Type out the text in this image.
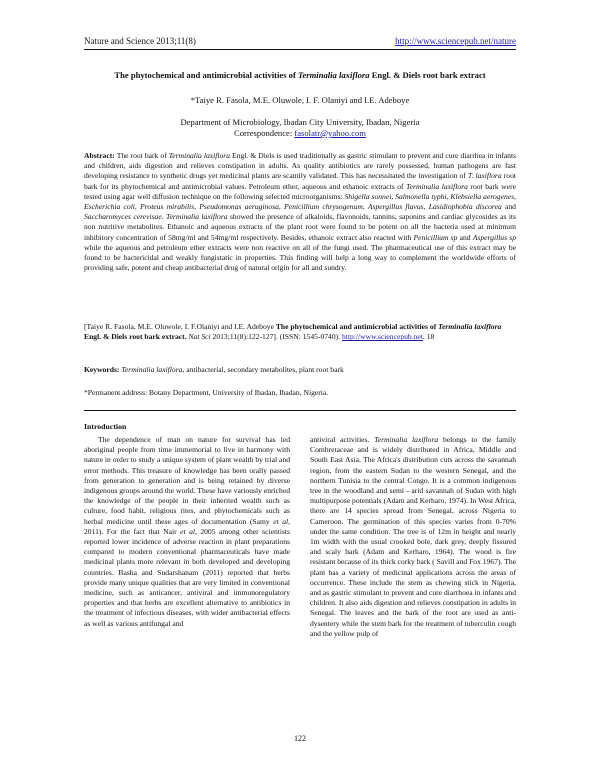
Nature and Science 2013;11(8)	http://www.sciencepub.net/nature
The phytochemical and antimicrobial activities of Terminalia laxiflora Engl. & Diels root bark extract
*Taiye R. Fasola, M.E. Oluwole, I. F. Olaniyi and I.E. Adeboye
Department of Microbiology, Ibadan City University, Ibadan, Nigeria
Correspondence: fasolatr@yahoo.com
Abstract: The root bark of Terminalia laxiflora Engl. & Diels is used traditionally as gastric stimulant to prevent and cure diarrhea in infants and children, aids digestion and relieves constipation in adults. As quality antibiotics are rarely possessed, human pathogens are fast developing resistance to synthetic drugs yet medicinal plants are scantily validated. This has necessitated the investigation of T. laxiflora root bark for its phytochemical and antimicrobial values. Petroleum ether, aqueous and ethanoic extracts of Terminalia laxiflora root bark were tested using agar well diffusion technique on the following selected microorganisms: Shigella sonnei, Salmonella typhi, Klebsiella aerogenes, Escherichia coli, Proteus mirabilis, Pseudomonas aeruginosa, Penicillium chrysogenum, Aspergillus flavus, Lasidiophobia discorea and Saccharomyces cerevisae. Terminalia laxiflora showed the presence of alkaloids, flavonoids, tannins, saponins and cardiac glycosides as its non nutritive metabolites. Ethanoic and aqueous extracts of the plant root were found to be potent on all the bacteria used at minimum inhibitory concentration of 58mg/ml and 54mg/ml respectively. Besides, ethanoic extract also reacted with Penicillium sp and Aspergillus sp while the aqueous and petroleum ether extracts were non reactive on all of the fungi used. The pharmaceutical use of this extract may be found to be bactericidal and weakly fungistatic in properties. This finding will help a long way to complement the worldwide efforts of providing safe, potent and cheap antibacterial drug of natural origin for all and sundry.
[Taiye R. Fasola, M.E. Oluwole, I. F.Olaniyi and I.E. Adeboye The phytochemical and antimicrobial activities of Terminalia laxiflora Engl. & Diels root bark extract. Nat Sci 2013;11(8):122-127]. (ISSN: 1545-0740). http://www.sciencepub.net. 18
Keywords: Terminalia laxiflora, antibacterial, secondary metabolites, plant root bark
*Permanent address: Botany Department, University of Ibadan, Ibadan, Nigeria.
Introduction

The dependence of man on nature for survival has led aboriginal people from time immemorial to live in harmony with nature in order to study a unique system of plant wealth by trial and error methods. This treasure of knowledge has been orally passed from generation to generation and is being retained by diverse indigenous groups around the world. These have variously enriched the knowledge of the people in their inherited wealth such as culture, food habit, religious rites, and phytochemicals such as herbal medicine until these ages of documentation (Samy et al, 2011). For the fact that Nair et al, 2005 among other scientists reported lower incidence of adverse reaction in plant preparations compared to modern conventional pharmaceuticals have made medicinal plants more relevant in both developed and developing countries. Basha and Sudarshanam (2011) reported that herbs provide many unique qualities that are very limited in conventional medicine, such as anticancer, antiviral and immunoregulatory properties and that herbs are excellent alternative to antibiotics in the treatment of infectious diseases, with wider antibacterial effects as well as various antifungal and

antiviral activities. Terminalia laxiflora belongs to the family Combretaceae and is widely distributed in Africa, Middle and South East Asia. The Africa's distribution cuts across the savannah region, from the eastern Sudan to the western Senegal, and the northern Tunisia to the central Congo. It is a common indigenous tree in the woodland and semi - arid savannah of Sudan with high multipurpose potentials (Adam and Kerharo, 1974). In West Africa, there are 14 species spread from Senegal, across Nigeria to Cameroon. The germination of this species varies from 0-70% under the same condition. The tree is of 12m in height and nearly 1m width with the usual crooked bole, dark grey, deeply fissured and scaly bark (Adam and Kerharo, 1964). The wood is fire resistant because of its thick corky bark ( Savill and Fox 1967). The plant has a variety of medicinal applications across the areas of occurrence. These include the stem as chewing stick in Nigeria, and as gastric stimulant to prevent and cure diarrhoea in infants and children. It also aids digestion and relieves constipation in adults in Senegal. The leaves and the bark of the root are used as anti-dysentery while the stem bark for the treatment of tuberculin cough and the yellow pulp of

122
